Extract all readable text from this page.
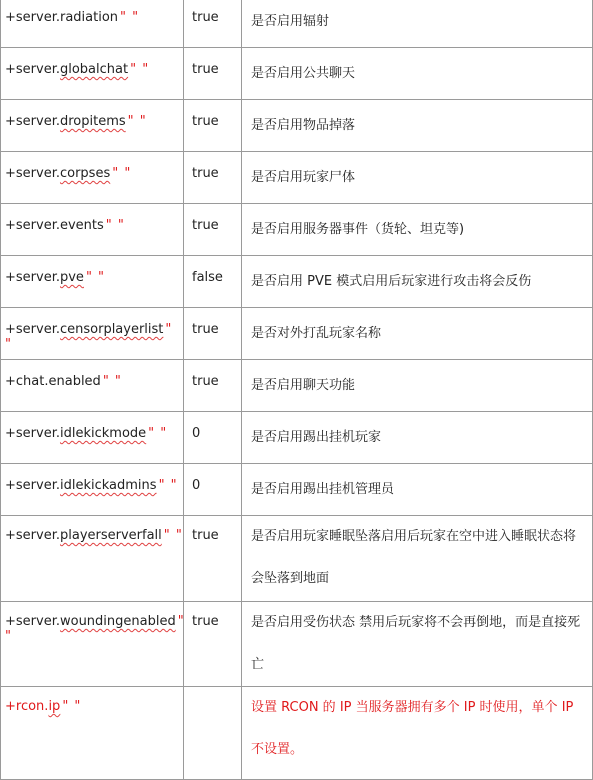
+server.radiation " "	true	是否启用辐射
+server.globalchat " "	true	是否启用公共聊天
+server.dropitems " "	true	是否启用物品掉落
+server.corpses " "	true	是否启用玩家尸体
+server.events " "	true	是否启用服务器事件（货轮、坦克等)
+server.pve " "	false	是否启用 PVE 模式启用后玩家进行攻击将会反伤
+server.censorplayerlist " "	true	是否对外打乱玩家名称
+chat.enabled " "	true	是否启用聊天功能
+server.idlekickmode " "	0	是否启用踢出挂机玩家
+server.idlekickadmins " "	0	是否启用踢出挂机管理员
+server.playerserverfall " "	true	是否启用玩家睡眠坠落启用后玩家在空中进入睡眠状态将会坠落到地面

+server.woundingenabled " "	true	是否启用受伤状态 禁用后玩家将不会再倒地，而是直接死亡

+rcon.ip " "		设置 RCON 的 IP 当服务器拥有多个 IP 时使用，单个 IP 不设置。
